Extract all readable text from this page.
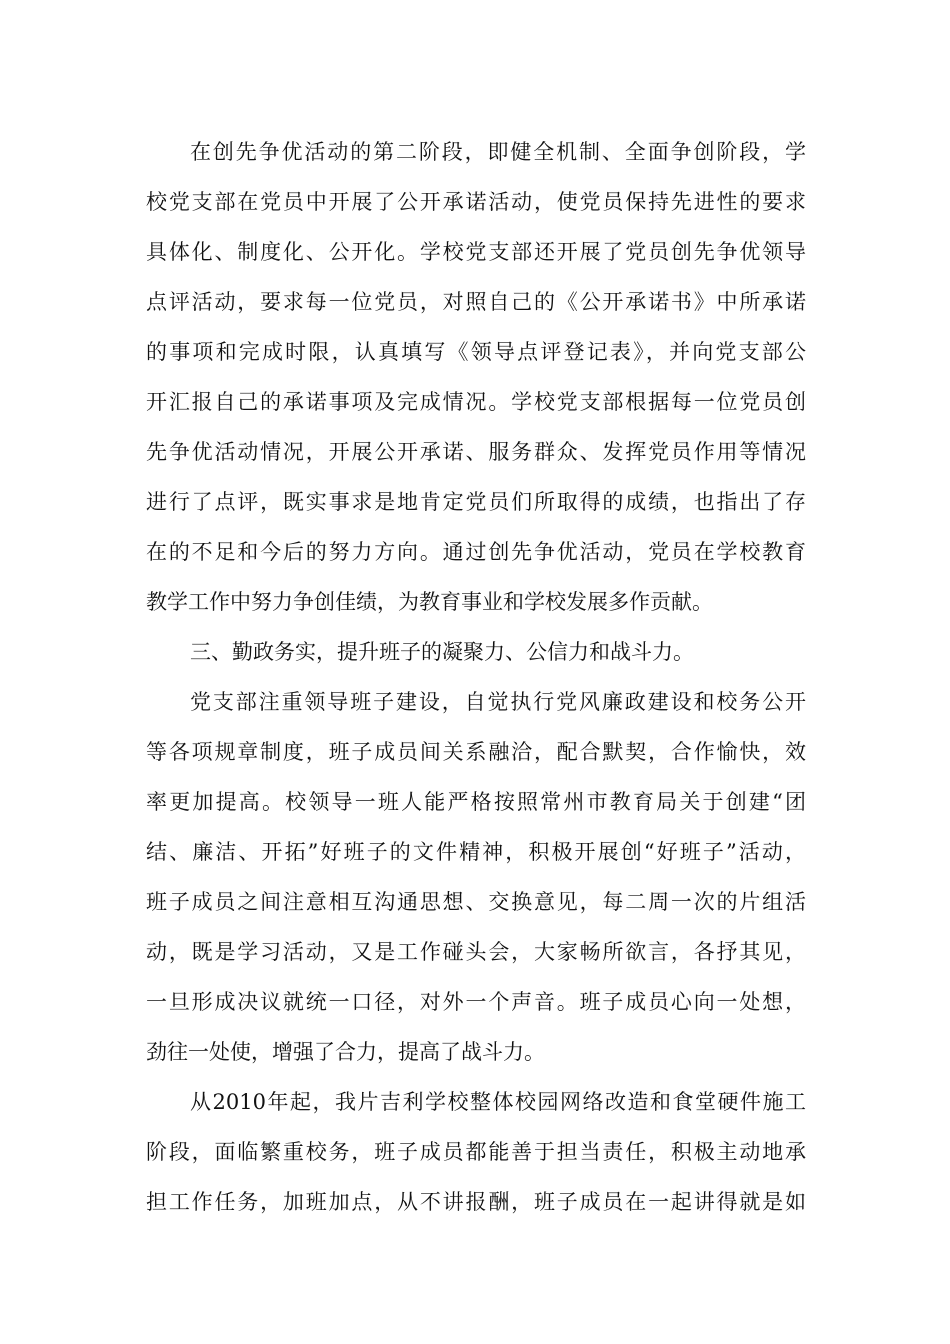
在创先争优活动的第二阶段，即健全机制、全面争创阶段，学
校党支部在党员中开展了公开承诺活动，使党员保持先进性的要求
具体化、制度化、公开化。学校党支部还开展了党员创先争优领导
点评活动，要求每一位党员，对照自己的《公开承诺书》中所承诺
的事项和完成时限，认真填写《领导点评登记表》，并向党支部公
开汇报自己的承诺事项及完成情况。学校党支部根据每一位党员创
先争优活动情况，开展公开承诺、服务群众、发挥党员作用等情况
进行了点评，既实事求是地肯定党员们所取得的成绩，也指出了存
在的不足和今后的努力方向。通过创先争优活动，党员在学校教育
教学工作中努力争创佳绩，为教育事业和学校发展多作贡献。
三、勤政务实，提升班子的凝聚力、公信力和战斗力。
党支部注重领导班子建设，自觉执行党风廉政建设和校务公开
等各项规章制度，班子成员间关系融洽，配合默契，合作愉快，效
率更加提高。校领导一班人能严格按照常州市教育局关于创建“团
结、廉洁、开拓”好班子的文件精神，积极开展创“好班子”活动，
班子成员之间注意相互沟通思想、交换意见，每二周一次的片组活
动，既是学习活动，又是工作碰头会，大家畅所欲言，各抒其见，
一旦形成决议就统一口径，对外一个声音。班子成员心向一处想，
劲往一处使，增强了合力，提高了战斗力。
从2010年起，我片吉利学校整体校园网络改造和食堂硬件施工
阶段，面临繁重校务，班子成员都能善于担当责任，积极主动地承
担工作任务，加班加点，从不讲报酬，班子成员在一起讲得就是如
